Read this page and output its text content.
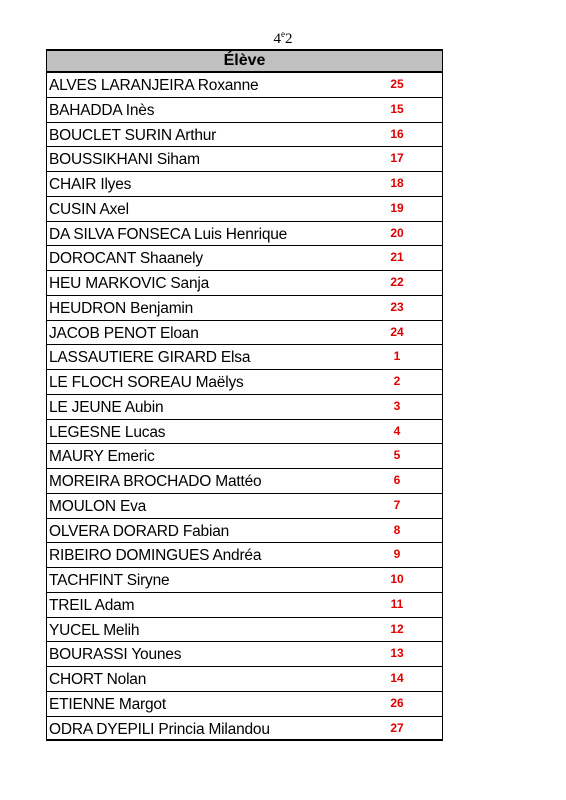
4e2
Élève
ALVES LARANJEIRA Roxanne	25
BAHADDA Inès	15
BOUCLET SURIN Arthur	16
BOUSSIKHANI Siham	17
CHAIR Ilyes	18
CUSIN Axel	19
DA SILVA FONSECA Luis Henrique	20
DOROCANT Shaanely	21
HEU MARKOVIC Sanja	22
HEUDRON Benjamin	23
JACOB PENOT Eloan	24
LASSAUTIERE GIRARD Elsa	1
LE FLOCH SOREAU Maëlys	2
LE JEUNE Aubin	3
LEGESNE Lucas	4
MAURY Emeric	5
MOREIRA BROCHADO Mattéo	6
MOULON Eva	7
OLVERA DORARD Fabian	8
RIBEIRO DOMINGUES Andréa	9
TACHFINT Siryne	10
TREIL Adam	11
YUCEL Melih	12
BOURASSI Younes	13
CHORT Nolan	14
ETIENNE Margot	26
ODRA DYEPILI Princia Milandou	27
